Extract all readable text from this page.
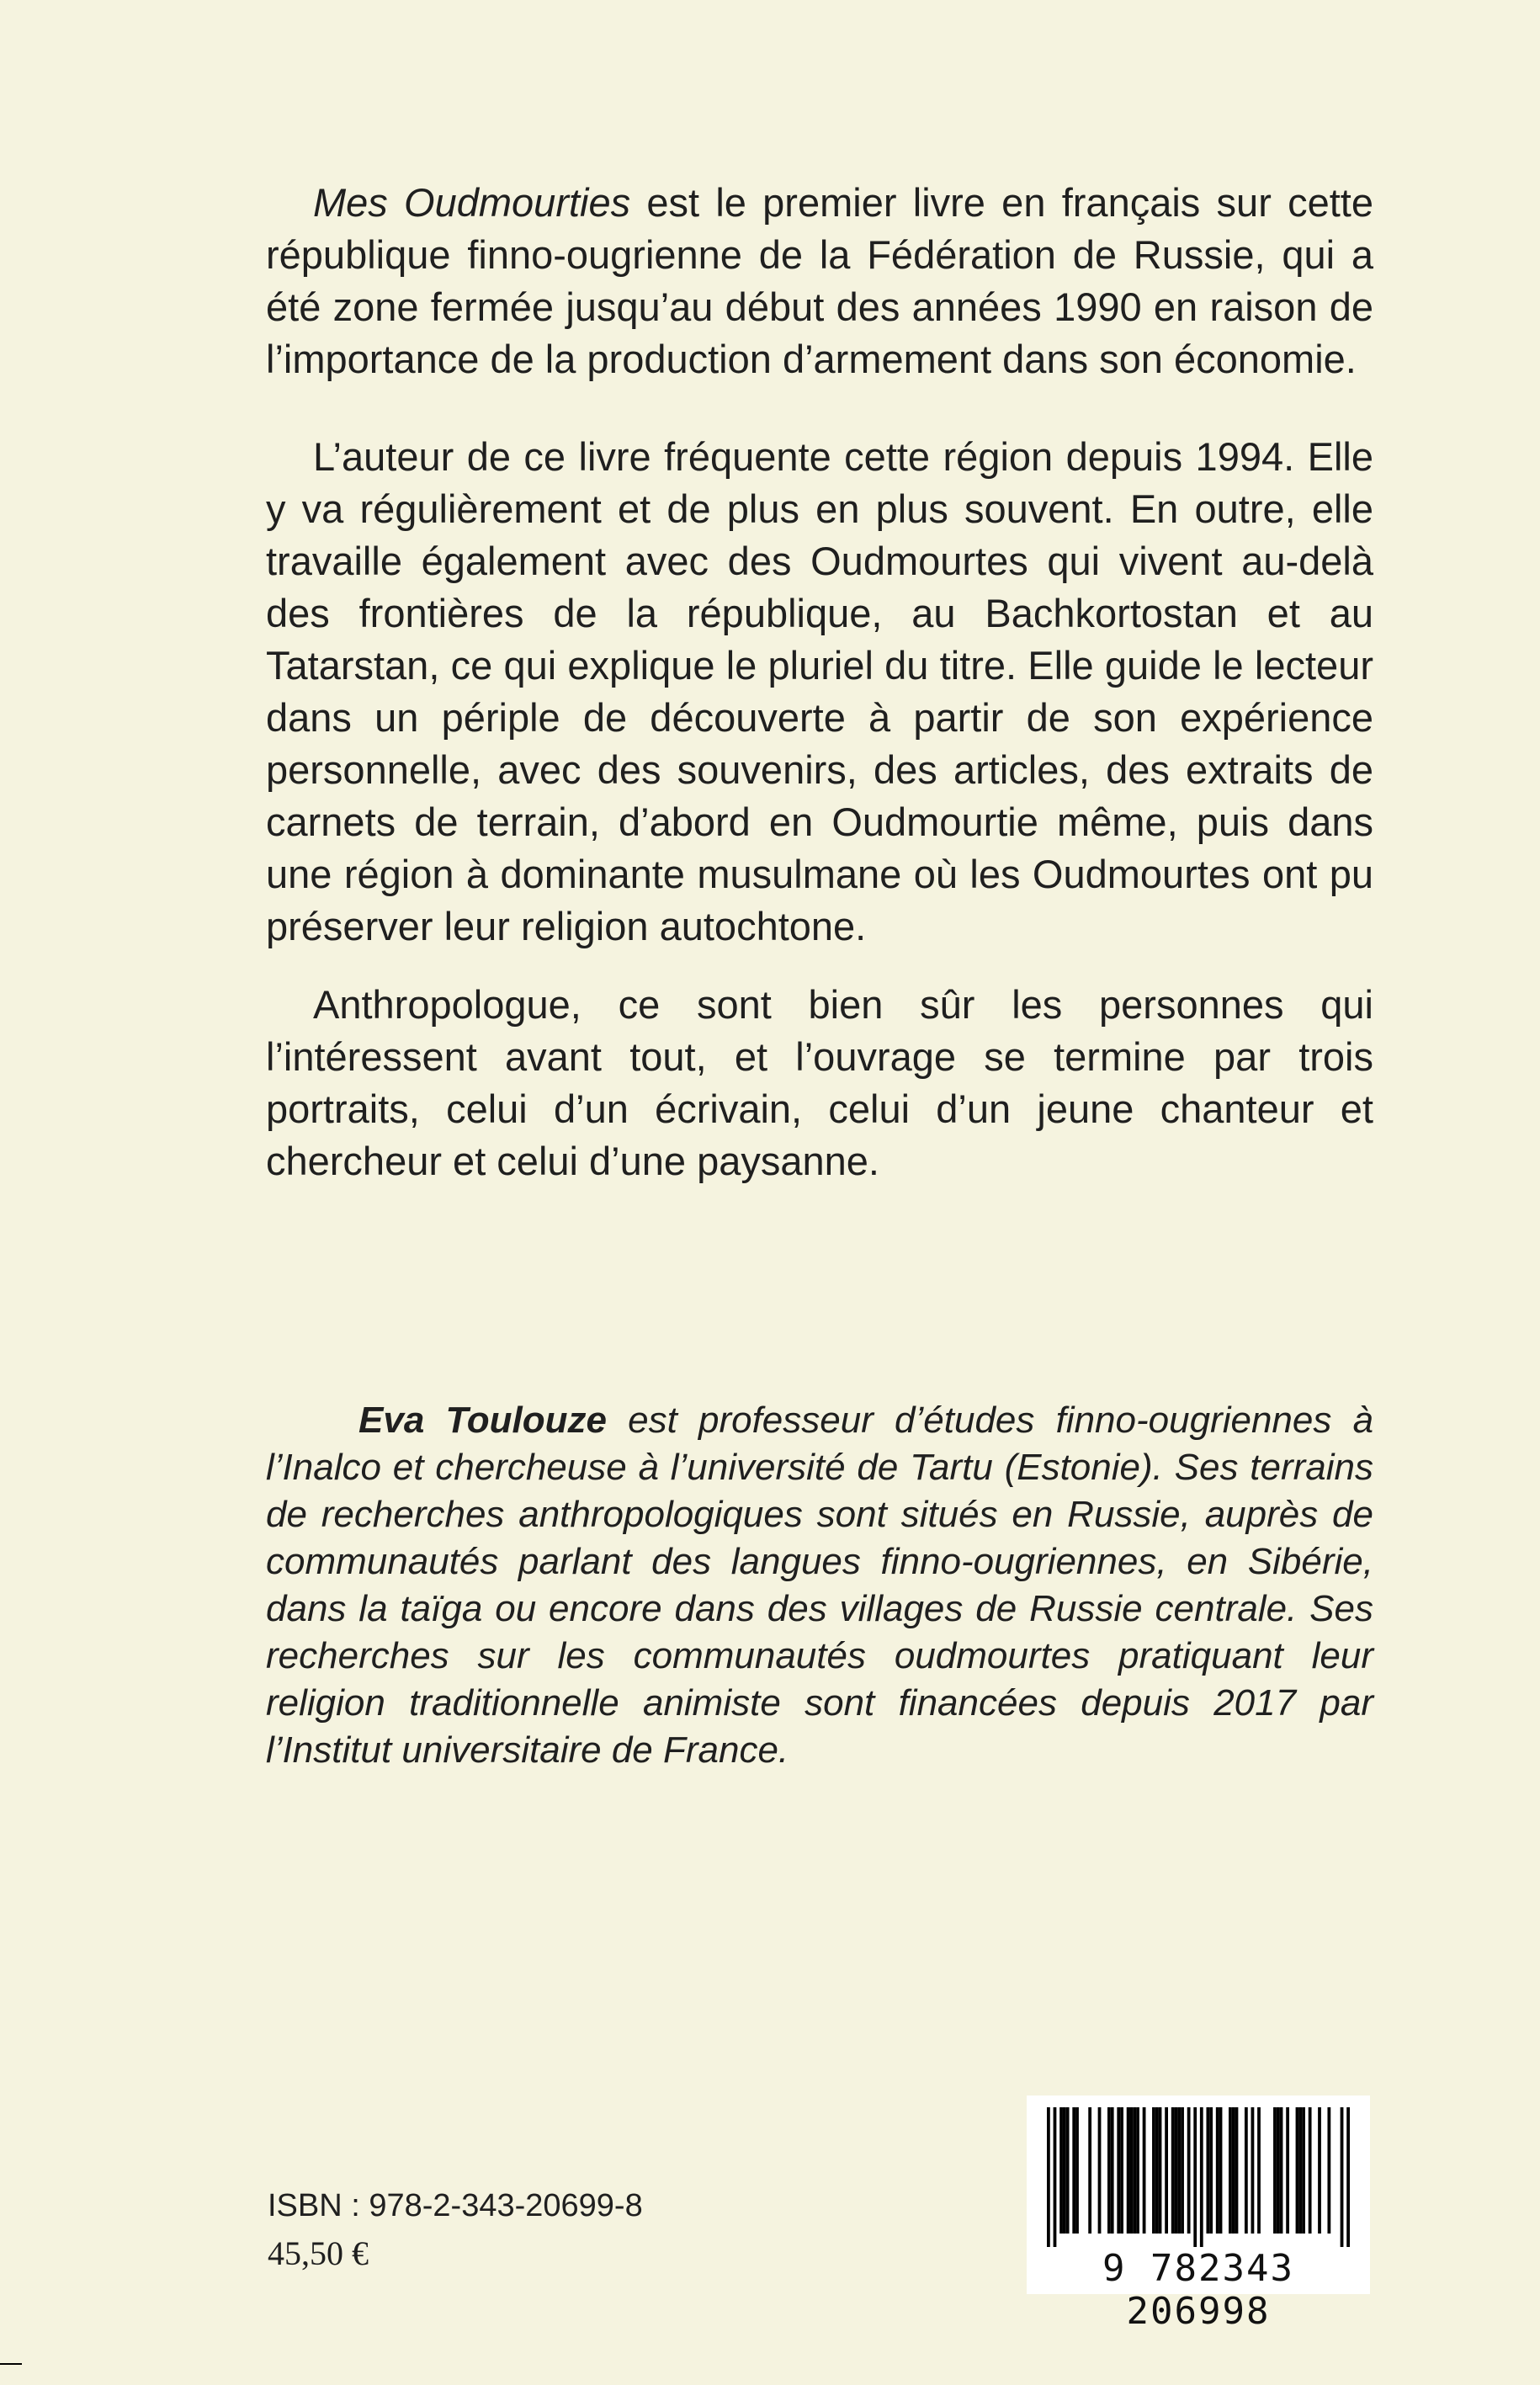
Mes Oudmourties est le premier livre en français sur cette république finno-ougrienne de la Fédération de Russie, qui a été zone fermée jusqu’au début des années 1990 en raison de l’importance de la production d’armement dans son économie.

L’auteur de ce livre fréquente cette région depuis 1994. Elle y va régulièrement et de plus en plus souvent. En outre, elle travaille également avec des Oudmourtes qui vivent au-delà des frontières de la république, au Bachkortostan et au Tatarstan, ce qui explique le pluriel du titre. Elle guide le lecteur dans un périple de découverte à partir de son expérience personnelle, avec des souvenirs, des articles, des extraits de carnets de terrain, d’abord en Oudmourtie même, puis dans une région à dominante musulmane où les Oudmourtes ont pu préserver leur religion autochtone.

Anthropologue, ce sont bien sûr les personnes qui l’intéressent avant tout, et l’ouvrage se termine par trois portraits, celui d’un écrivain, celui d’un jeune chanteur et chercheur et celui d’une paysanne.

Eva Toulouze est professeur d’études finno-ougriennes à l’Inalco et chercheuse à l’université de Tartu (Estonie). Ses terrains de recherches anthropologiques sont situés en Russie, auprès de communautés parlant des langues finno-ougriennes, en Sibérie, dans la taïga ou encore dans des villages de Russie centrale. Ses recherches sur les communautés oudmourtes pratiquant leur religion traditionnelle animiste sont financées depuis 2017 par l’Institut universitaire de France.

ISBN : 978-2-343-20699-8
45,50 €	9 782343 206998
